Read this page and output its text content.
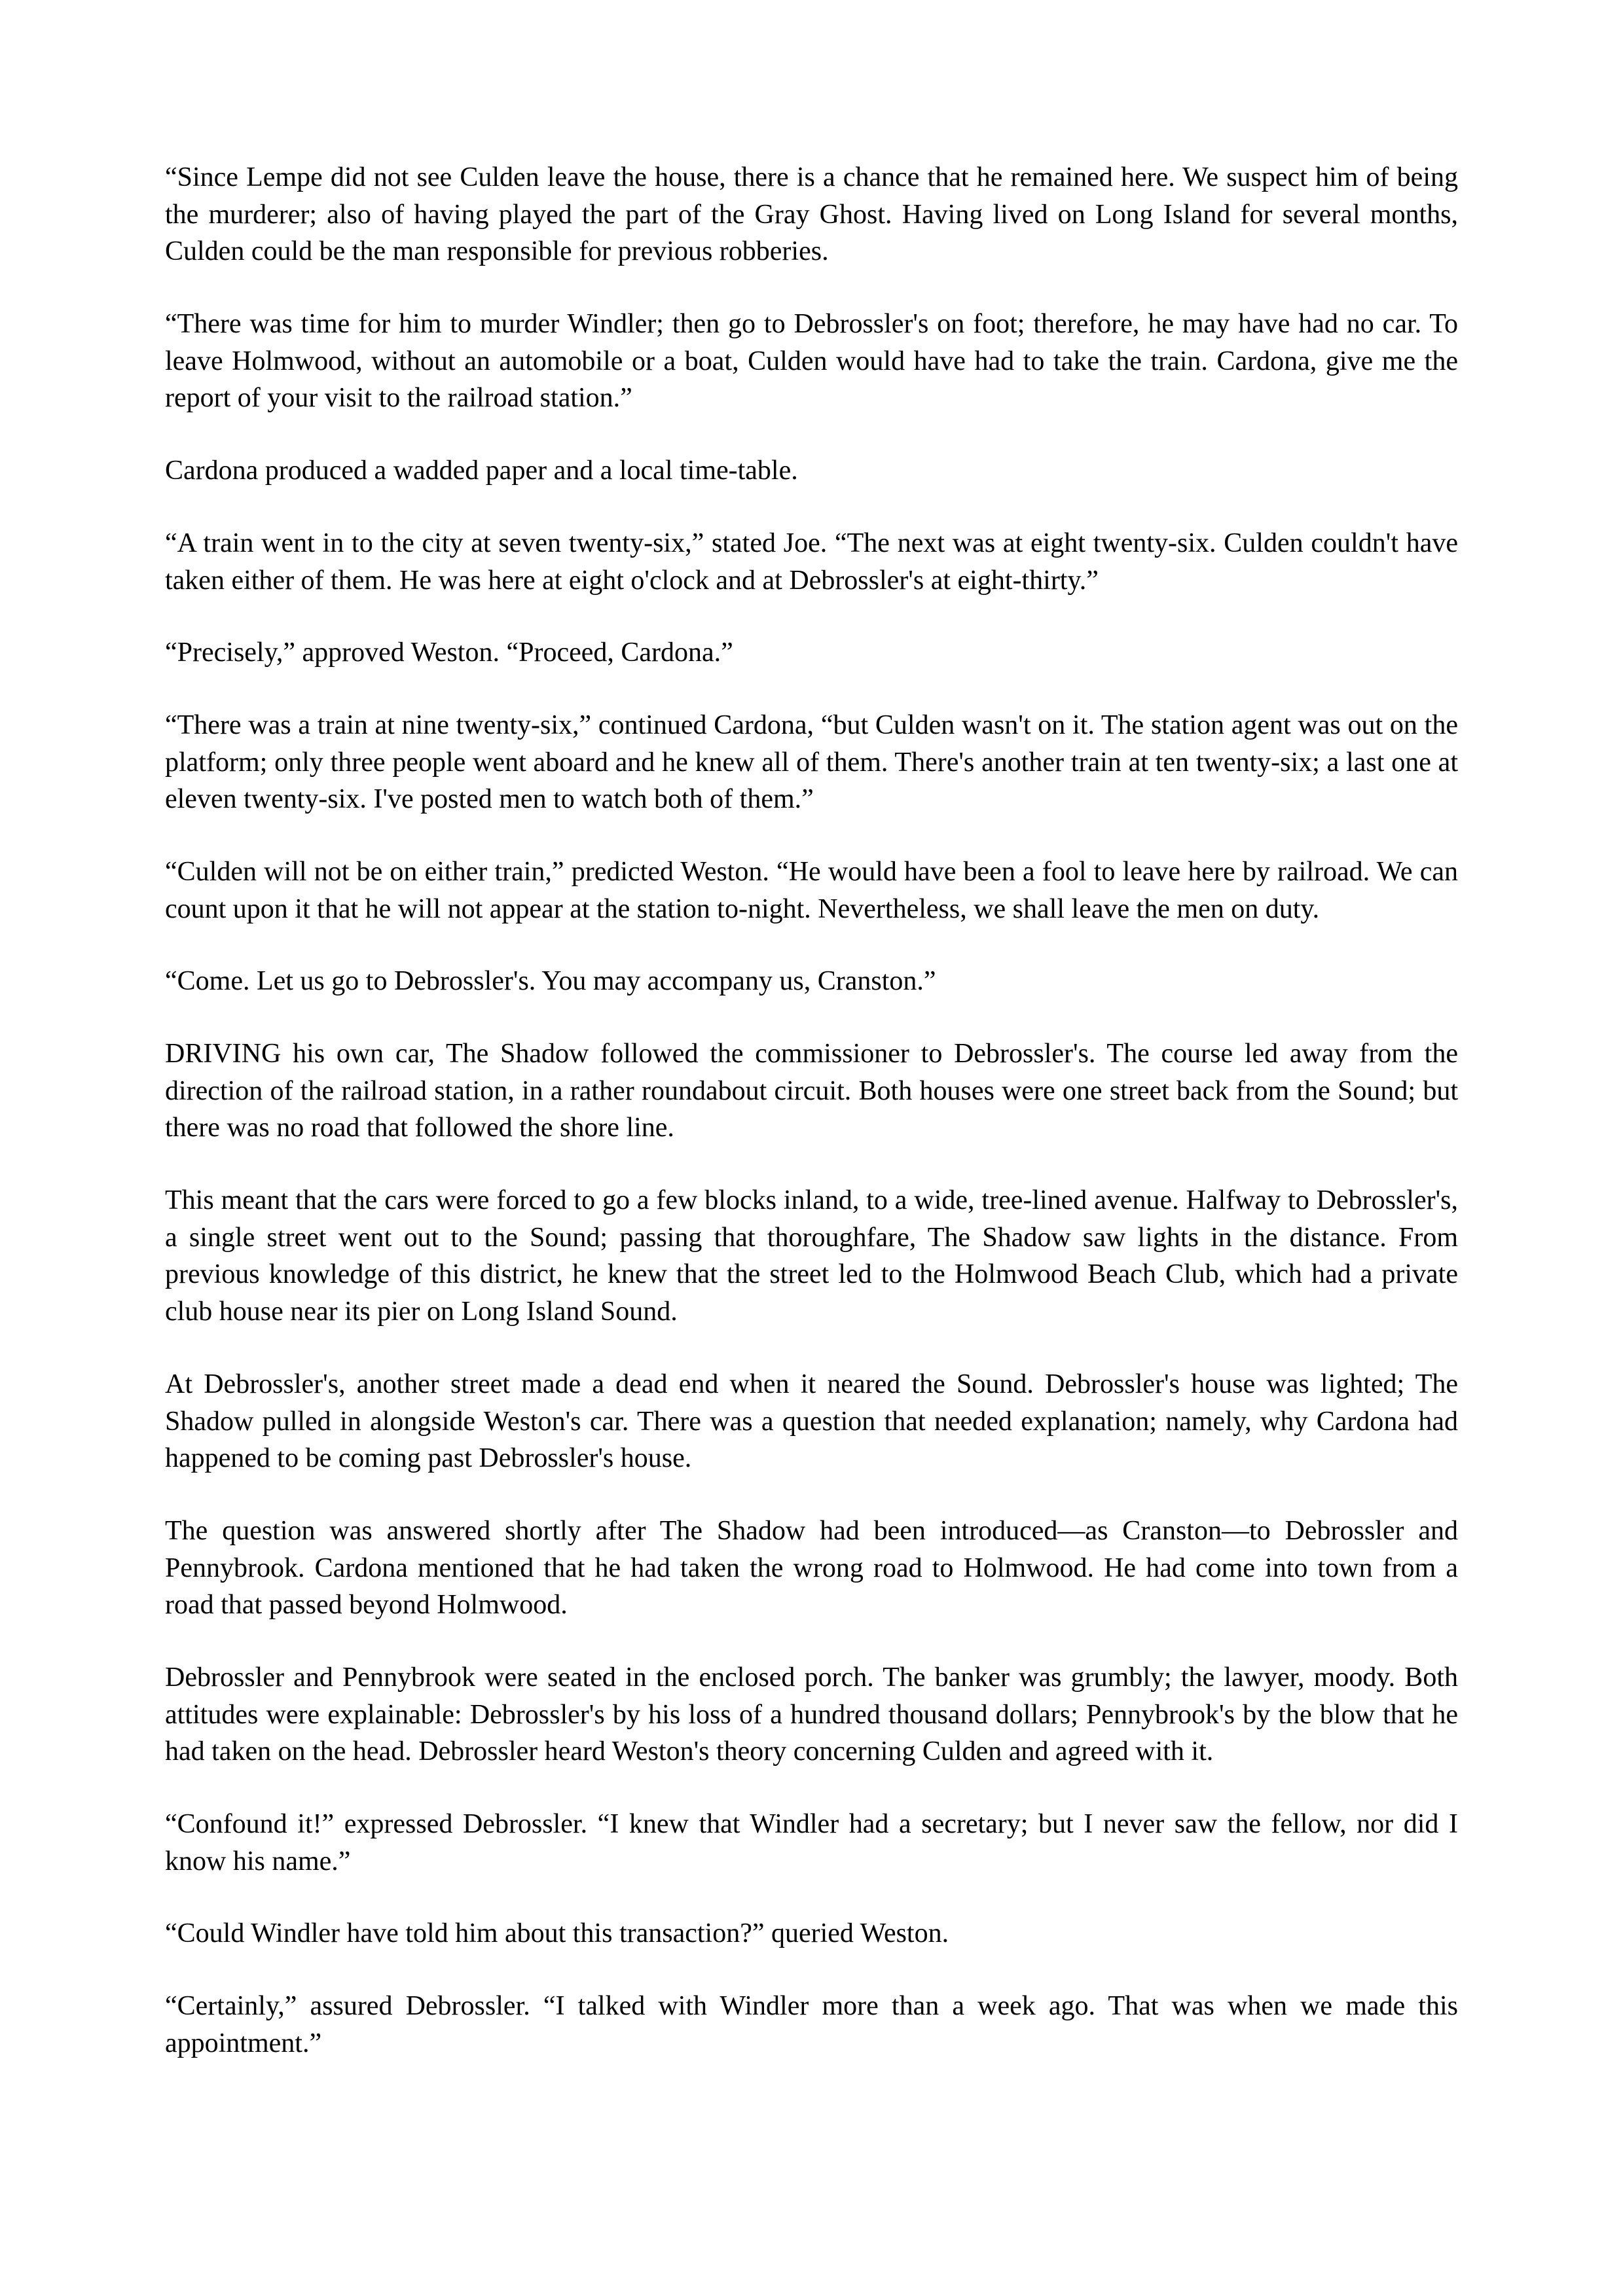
“Since Lempe did not see Culden leave the house, there is a chance that he remained here. We suspect him of being the murderer; also of having played the part of the Gray Ghost. Having lived on Long Island for several months, Culden could be the man responsible for previous robberies.

“There was time for him to murder Windler; then go to Debrossler's on foot; therefore, he may have had no car. To leave Holmwood, without an automobile or a boat, Culden would have had to take the train. Cardona, give me the report of your visit to the railroad station.”

Cardona produced a wadded paper and a local time-table.

“A train went in to the city at seven twenty-six,” stated Joe. “The next was at eight twenty-six. Culden couldn't have taken either of them. He was here at eight o'clock and at Debrossler's at eight-thirty.”

“Precisely,” approved Weston. “Proceed, Cardona.”

“There was a train at nine twenty-six,” continued Cardona, “but Culden wasn't on it. The station agent was out on the platform; only three people went aboard and he knew all of them. There's another train at ten twenty-six; a last one at eleven twenty-six. I've posted men to watch both of them.”

“Culden will not be on either train,” predicted Weston. “He would have been a fool to leave here by railroad. We can count upon it that he will not appear at the station to-night. Nevertheless, we shall leave the men on duty.

“Come. Let us go to Debrossler's. You may accompany us, Cranston.”

DRIVING his own car, The Shadow followed the commissioner to Debrossler's. The course led away from the direction of the railroad station, in a rather roundabout circuit. Both houses were one street back from the Sound; but there was no road that followed the shore line.

This meant that the cars were forced to go a few blocks inland, to a wide, tree-lined avenue. Halfway to Debrossler's, a single street went out to the Sound; passing that thoroughfare, The Shadow saw lights in the distance. From previous knowledge of this district, he knew that the street led to the Holmwood Beach Club, which had a private club house near its pier on Long Island Sound.

At Debrossler's, another street made a dead end when it neared the Sound. Debrossler's house was lighted; The Shadow pulled in alongside Weston's car. There was a question that needed explanation; namely, why Cardona had happened to be coming past Debrossler's house.

The question was answered shortly after The Shadow had been introduced—as Cranston—to Debrossler and Pennybrook. Cardona mentioned that he had taken the wrong road to Holmwood. He had come into town from a road that passed beyond Holmwood.

Debrossler and Pennybrook were seated in the enclosed porch. The banker was grumbly; the lawyer, moody. Both attitudes were explainable: Debrossler's by his loss of a hundred thousand dollars; Pennybrook's by the blow that he had taken on the head. Debrossler heard Weston's theory concerning Culden and agreed with it.

“Confound it!” expressed Debrossler. “I knew that Windler had a secretary; but I never saw the fellow, nor did I know his name.”

“Could Windler have told him about this transaction?” queried Weston.

“Certainly,” assured Debrossler. “I talked with Windler more than a week ago. That was when we made this appointment.”
